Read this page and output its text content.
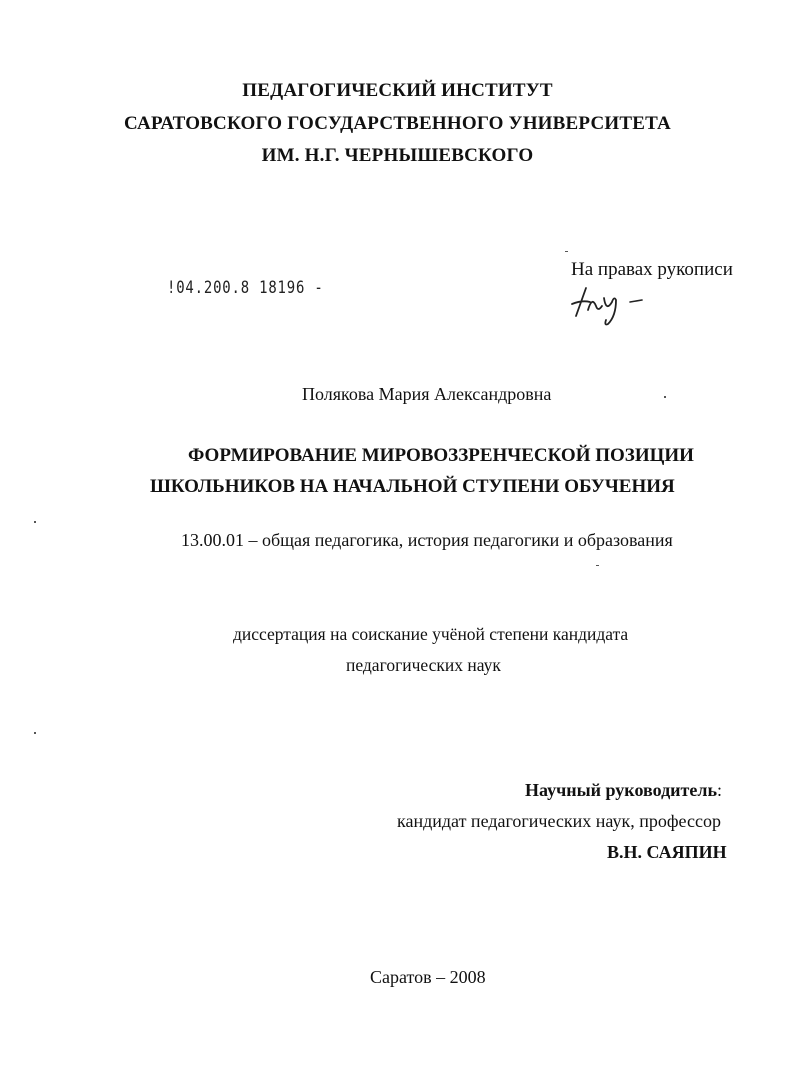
ПЕДАГОГИЧЕСКИЙ ИНСТИТУТ
САРАТОВСКОГО ГОСУДАРСТВЕННОГО УНИВЕРСИТЕТА
ИМ. Н.Г. ЧЕРНЫШЕВСКОГО
!04.200.8 18196 -
На правах рукописи
Полякова Мария Александровна
ФОРМИРОВАНИЕ МИРОВОЗЗРЕНЧЕСКОЙ ПОЗИЦИИ
ШКОЛЬНИКОВ НА НАЧАЛЬНОЙ СТУПЕНИ ОБУЧЕНИЯ
13.00.01 – общая педагогика, история педагогики и образования
диссертация на соискание учёной степени кандидата
педагогических наук
Научный руководитель:
кандидат педагогических наук, профессор
В.Н. САЯПИН
Саратов – 2008
